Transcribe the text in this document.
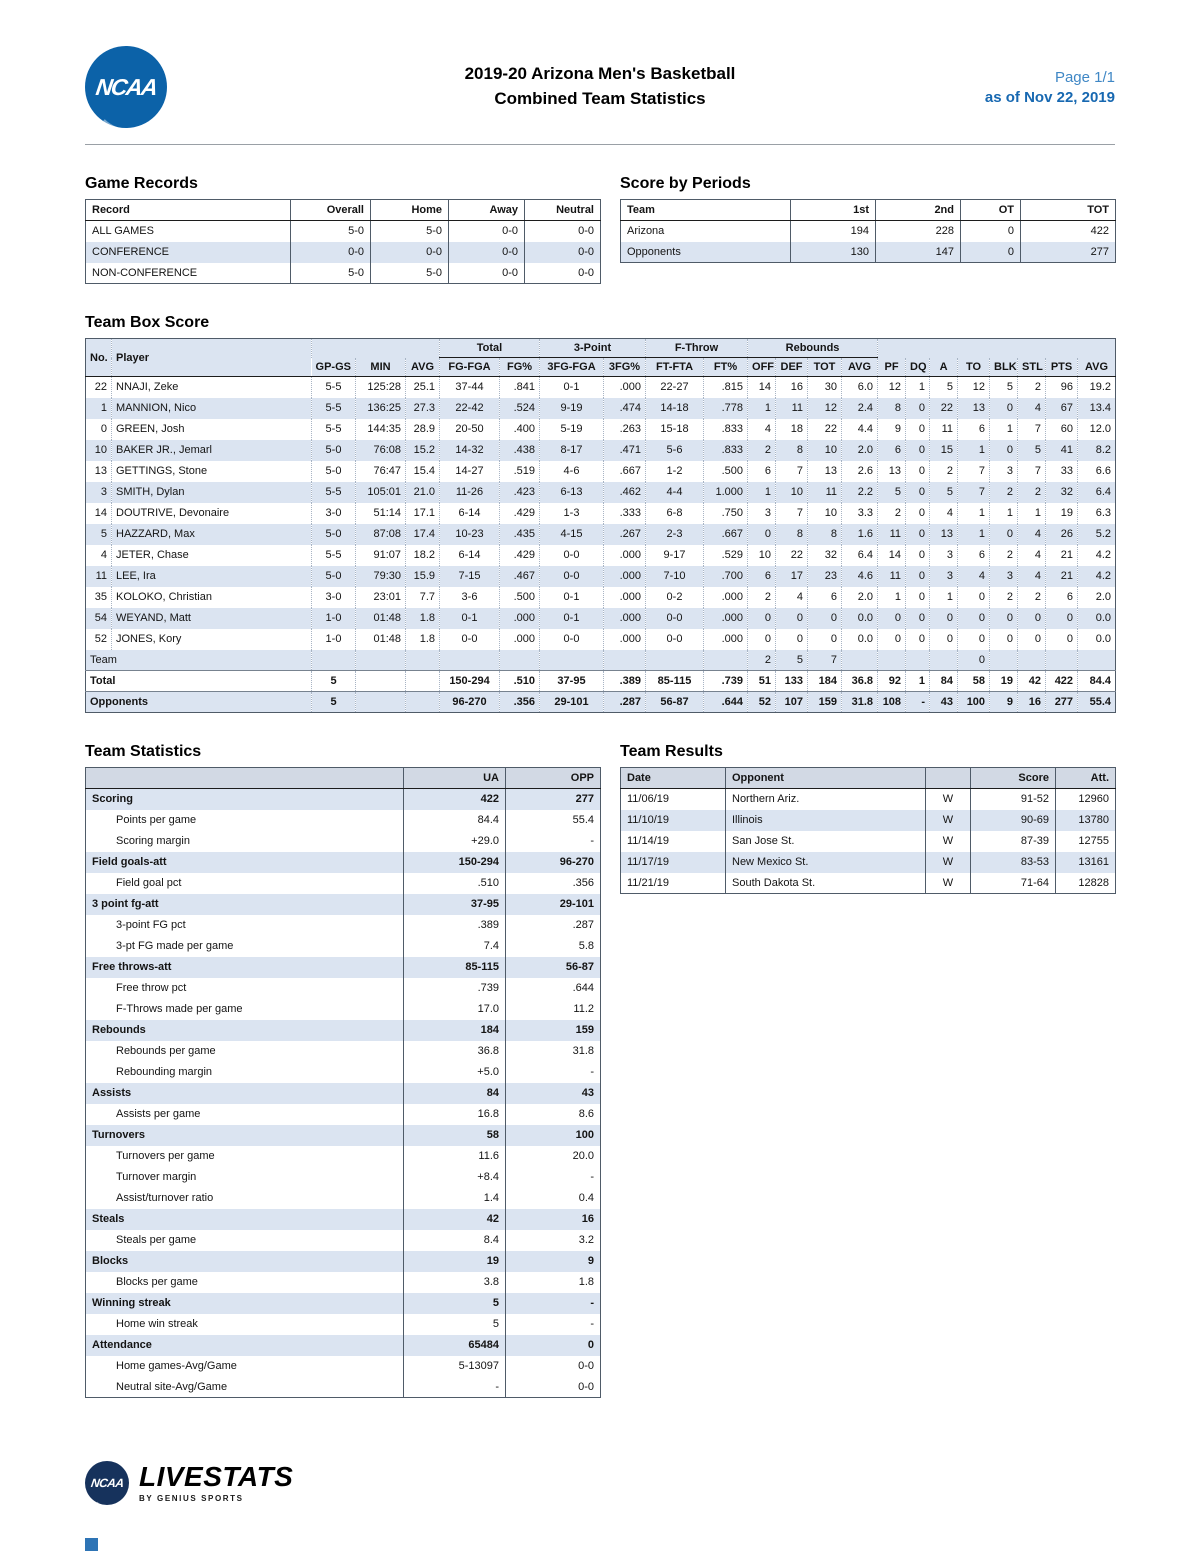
NCAA
®
2019-20 Arizona Men's Basketball
Combined Team Statistics
Page 1/1
as of Nov 22, 2019
Game Records
Record	Overall	Home	Away	Neutral
ALL GAMES	5-0	5-0	0-0	0-0
CONFERENCE	0-0	0-0	0-0	0-0
NON-CONFERENCE	5-0	5-0	0-0	0-0
Score by Periods
Team	1st	2nd	OT	TOT
Arizona	194	228	0	422
Opponents	130	147	0	277
Team Box Score
No.	Player				Total		3-Point		F-Throw		Rebounds											
		GP-GS	MIN	AVG	FG-FGA	FG%	3FG-FGA	3FG%	FT-FTA	FT%	OFF	DEF	TOT	AVG	PF	DQ	A	TO	BLK	STL	PTS	AVG
22	NNAJI, Zeke	5-5	125:28	25.1	37-44	.841	0-1	.000	22-27	.815	14	16	30	6.0	12	1	5	12	5	2	96	19.2
1	MANNION, Nico	5-5	136:25	27.3	22-42	.524	9-19	.474	14-18	.778	1	11	12	2.4	8	0	22	13	0	4	67	13.4
0	GREEN, Josh	5-5	144:35	28.9	20-50	.400	5-19	.263	15-18	.833	4	18	22	4.4	9	0	11	6	1	7	60	12.0
10	BAKER JR., Jemarl	5-0	76:08	15.2	14-32	.438	8-17	.471	5-6	.833	2	8	10	2.0	6	0	15	1	0	5	41	8.2
13	GETTINGS, Stone	5-0	76:47	15.4	14-27	.519	4-6	.667	1-2	.500	6	7	13	2.6	13	0	2	7	3	7	33	6.6
3	SMITH, Dylan	5-5	105:01	21.0	11-26	.423	6-13	.462	4-4	1.000	1	10	11	2.2	5	0	5	7	2	2	32	6.4
14	DOUTRIVE, Devonaire	3-0	51:14	17.1	6-14	.429	1-3	.333	6-8	.750	3	7	10	3.3	2	0	4	1	1	1	19	6.3
5	HAZZARD, Max	5-0	87:08	17.4	10-23	.435	4-15	.267	2-3	.667	0	8	8	1.6	11	0	13	1	0	4	26	5.2
4	JETER, Chase	5-5	91:07	18.2	6-14	.429	0-0	.000	9-17	.529	10	22	32	6.4	14	0	3	6	2	4	21	4.2
11	LEE, Ira	5-0	79:30	15.9	7-15	.467	0-0	.000	7-10	.700	6	17	23	4.6	11	0	3	4	3	4	21	4.2
35	KOLOKO, Christian	3-0	23:01	7.7	3-6	.500	0-1	.000	0-2	.000	2	4	6	2.0	1	0	1	0	2	2	6	2.0
54	WEYAND, Matt	1-0	01:48	1.8	0-1	.000	0-1	.000	0-0	.000	0	0	0	0.0	0	0	0	0	0	0	0	0.0
52	JONES, Kory	1-0	01:48	1.8	0-0	.000	0-0	.000	0-0	.000	0	0	0	0.0	0	0	0	0	0	0	0	0.0
Team											2	5	7					0				
Total		5			150-294	.510	37-95	.389	85-115	.739	51	133	184	36.8	92	1	84	58	19	42	422	84.4
Opponents		5			96-270	.356	29-101	.287	56-87	.644	52	107	159	31.8	108	-	43	100	9	16	277	55.4
Team Statistics
	UA	OPP
Scoring	422	277
Points per game	84.4	55.4
Scoring margin	+29.0	-
Field goals-att	150-294	96-270
Field goal pct	.510	.356
3 point fg-att	37-95	29-101
3-point FG pct	.389	.287
3-pt FG made per game	7.4	5.8
Free throws-att	85-115	56-87
Free throw pct	.739	.644
F-Throws made per game	17.0	11.2
Rebounds	184	159
Rebounds per game	36.8	31.8
Rebounding margin	+5.0	-
Assists	84	43
Assists per game	16.8	8.6
Turnovers	58	100
Turnovers per game	11.6	20.0
Turnover margin	+8.4	-
Assist/turnover ratio	1.4	0.4
Steals	42	16
Steals per game	8.4	3.2
Blocks	19	9
Blocks per game	3.8	1.8
Winning streak	5	-
Home win streak	5	-
Attendance	65484	0
Home games-Avg/Game	5-13097	0-0
Neutral site-Avg/Game	-	0-0
Team Results
Date	Opponent		Score	Att.
11/06/19	Northern Ariz.	W	91-52	12960
11/10/19	Illinois	W	90-69	13780
11/14/19	San Jose St.	W	87-39	12755
11/17/19	New Mexico St.	W	83-53	13161
11/21/19	South Dakota St.	W	71-64	12828
NCAA LIVESTATS
BY GENIUS SPORTS
